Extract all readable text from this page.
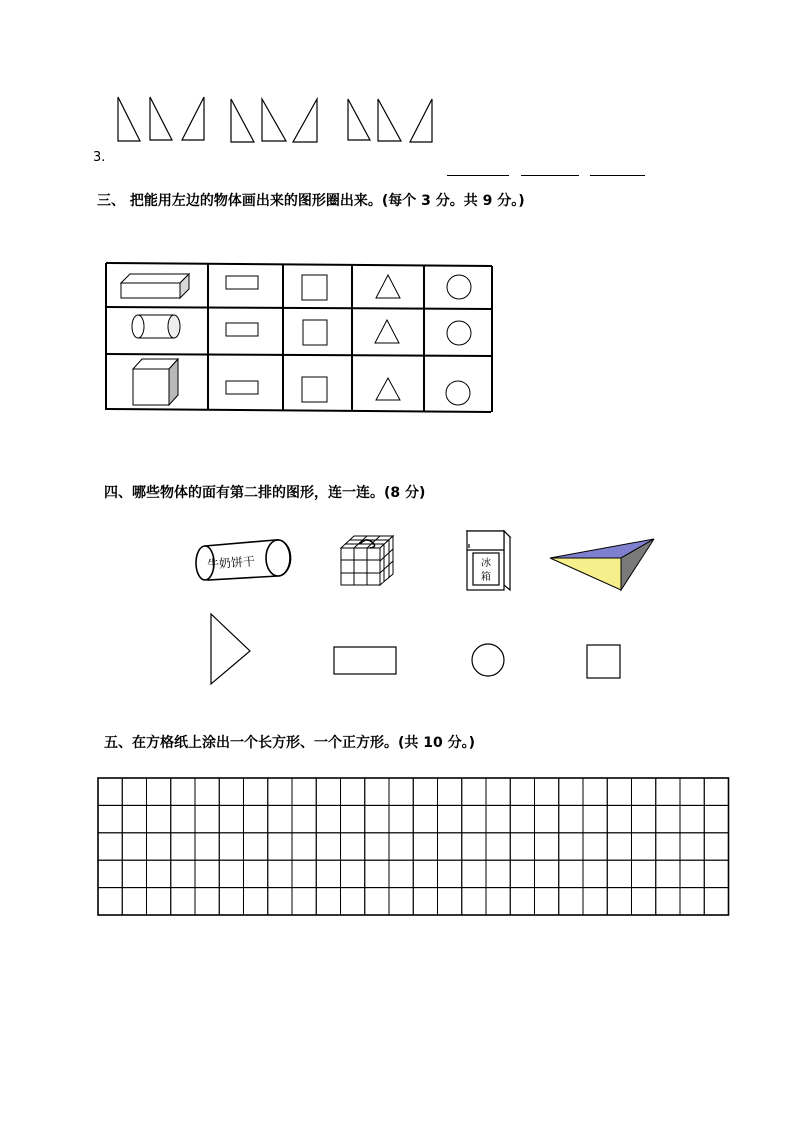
3.
三、 把能用左边的物体画出来的图形圈出来。(每个 3 分。共 9 分。)
四、哪些物体的面有第二排的图形，连一连。(8 分)
牛奶饼干	冰
箱
五、在方格纸上涂出一个长方形、一个正方形。(共 10 分。)
